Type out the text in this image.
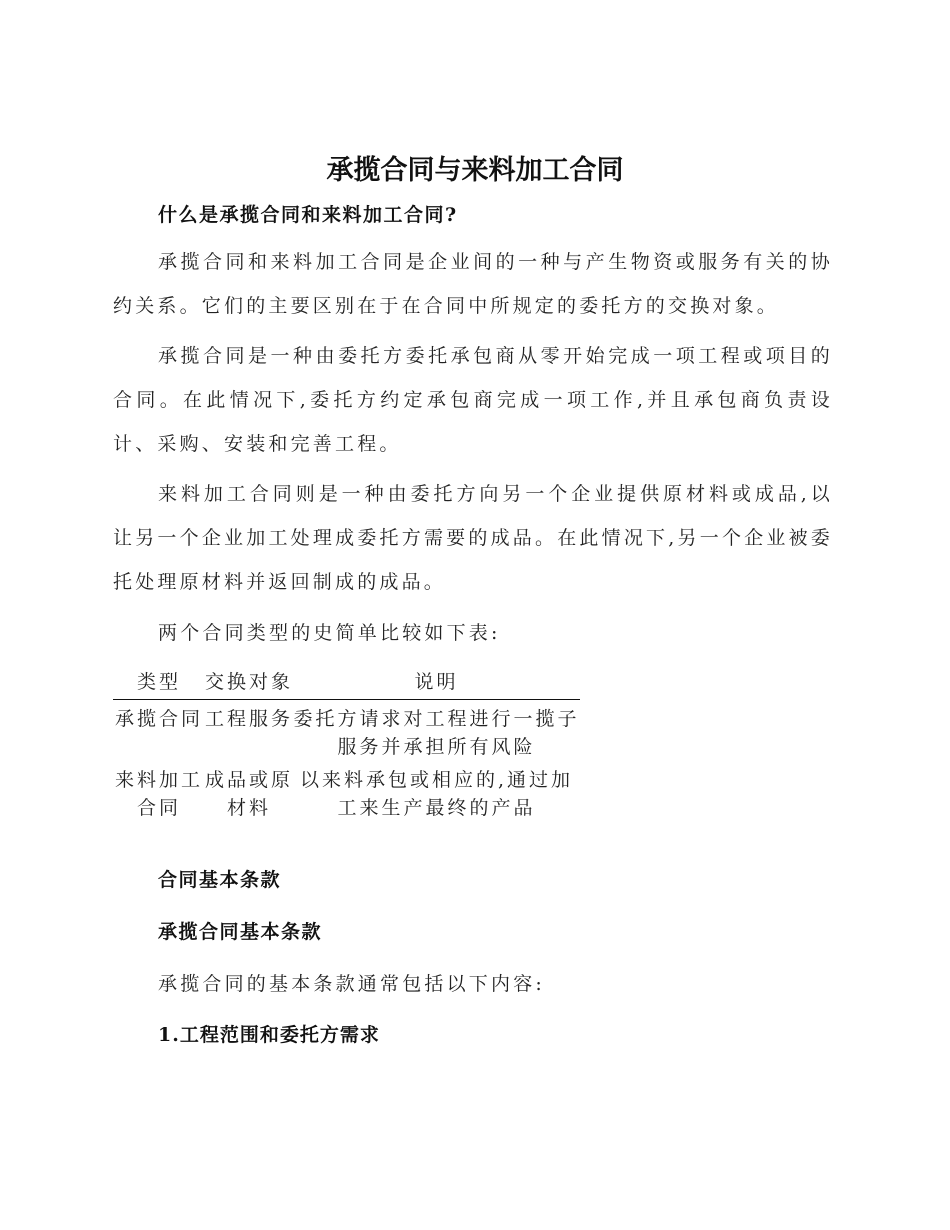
承揽合同与来料加工合同
什么是承揽合同和来料加工合同?
承揽合同和来料加工合同是企业间的一种与产生物资或服务有关的协约关系。它们的主要区别在于在合同中所规定的委托方的交换对象。
承揽合同是一种由委托方委托承包商从零开始完成一项工程或项目的合同。在此情况下,委托方约定承包商完成一项工作,并且承包商负责设计、采购、安装和完善工程。
来料加工合同则是一种由委托方向另一个企业提供原材料或成品,以让另一个企业加工处理成委托方需要的成品。在此情况下,另一个企业被委托处理原材料并返回制成的成品。
两个合同类型的史简单比较如下表:
类型	交换对象	说明
承揽合同	工程服务	委托方请求对工程进行一揽子服务并承担所有风险
来料加工合同	成品或原材料	以来料承包或相应的,通过加工来生产最终的产品
合同基本条款
承揽合同基本条款
承揽合同的基本条款通常包括以下内容:
1.工程范围和委托方需求
